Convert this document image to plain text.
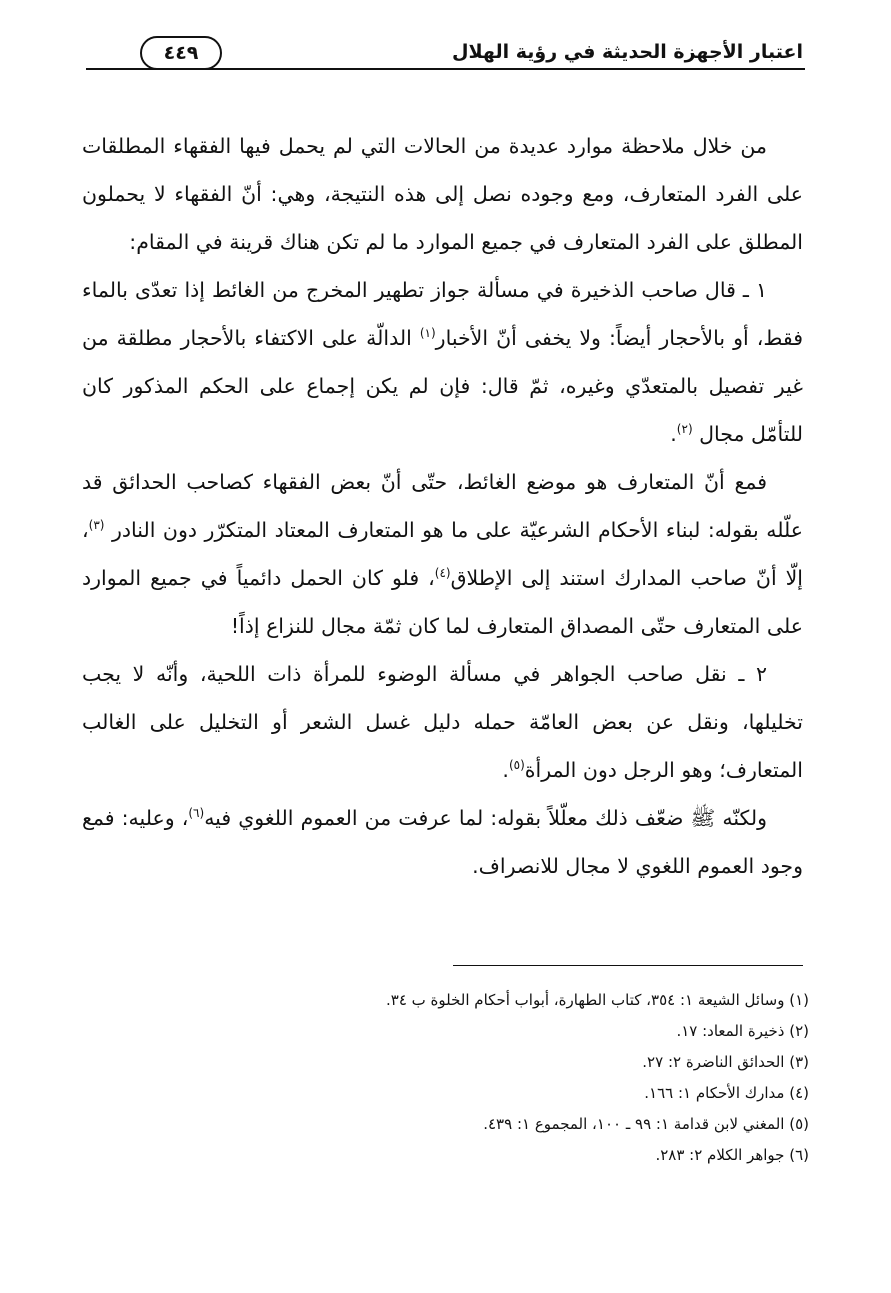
اعتبار الأجهزة الحديثة في رؤية الهلال
٤٤٩

من خلال ملاحظة موارد عديدة من الحالات التي لم يحمل فيها الفقهاء المطلقات على الفرد المتعارف، ومع وجوده نصل إلى هذه النتيجة، وهي: أنّ الفقهاء لا يحملون المطلق على الفرد المتعارف في جميع الموارد ما لم تكن هناك قرينة في المقام:

١ ـ قال صاحب الذخيرة في مسألة جواز تطهير المخرج من الغائط إذا تعدّى بالماء فقط، أو بالأحجار أيضاً: ولا يخفى أنّ الأخبار$^{(١)}$ الدالّة على الاكتفاء بالأحجار مطلقة من غير تفصيل بالمتعدّي وغيره، ثمّ قال: فإن لم يكن إجماع على الحكم المذكور كان للتأمّل مجال $^{(٢)}$.

فمع أنّ المتعارف هو موضع الغائط، حتّى أنّ بعض الفقهاء كصاحب الحدائق قد علّله بقوله: لبناء الأحكام الشرعيّة على ما هو المتعارف المعتاد المتكرّر دون النادر $^{(٣)}$، إلّا أنّ صاحب المدارك استند إلى الإطلاق$^{(٤)}$، فلو كان الحمل دائمياً في جميع الموارد على المتعارف حتّى المصداق المتعارف لما كان ثمّة مجال للنزاع إذاً!

٢ ـ نقل صاحب الجواهر في مسألة الوضوء للمرأة ذات اللحية، وأنّه لا يجب تخليلها، ونقل عن بعض العامّة حمله دليل غسل الشعر أو التخليل على الغالب المتعارف؛ وهو الرجل دون المرأة$^{(٥)}$.

ولكنّه ﷺ ضعّف ذلك معلّلاً بقوله: لما عرفت من العموم اللغوي فيه$^{(٦)}$، وعليه: فمع وجود العموم اللغوي لا مجال للانصراف.

(١) وسائل الشيعة ١: ٣٥٤، كتاب الطهارة، أبواب أحكام الخلوة ب ٣٤.

(٢) ذخيرة المعاد: ١٧.

(٣) الحدائق الناضرة ٢: ٢٧.

(٤) مدارك الأحكام ١: ١٦٦.

(٥) المغني لابن قدامة ١: ٩٩ ـ ١٠٠، المجموع ١: ٤٣٩.

(٦) جواهر الكلام ٢: ٢٨٣.
